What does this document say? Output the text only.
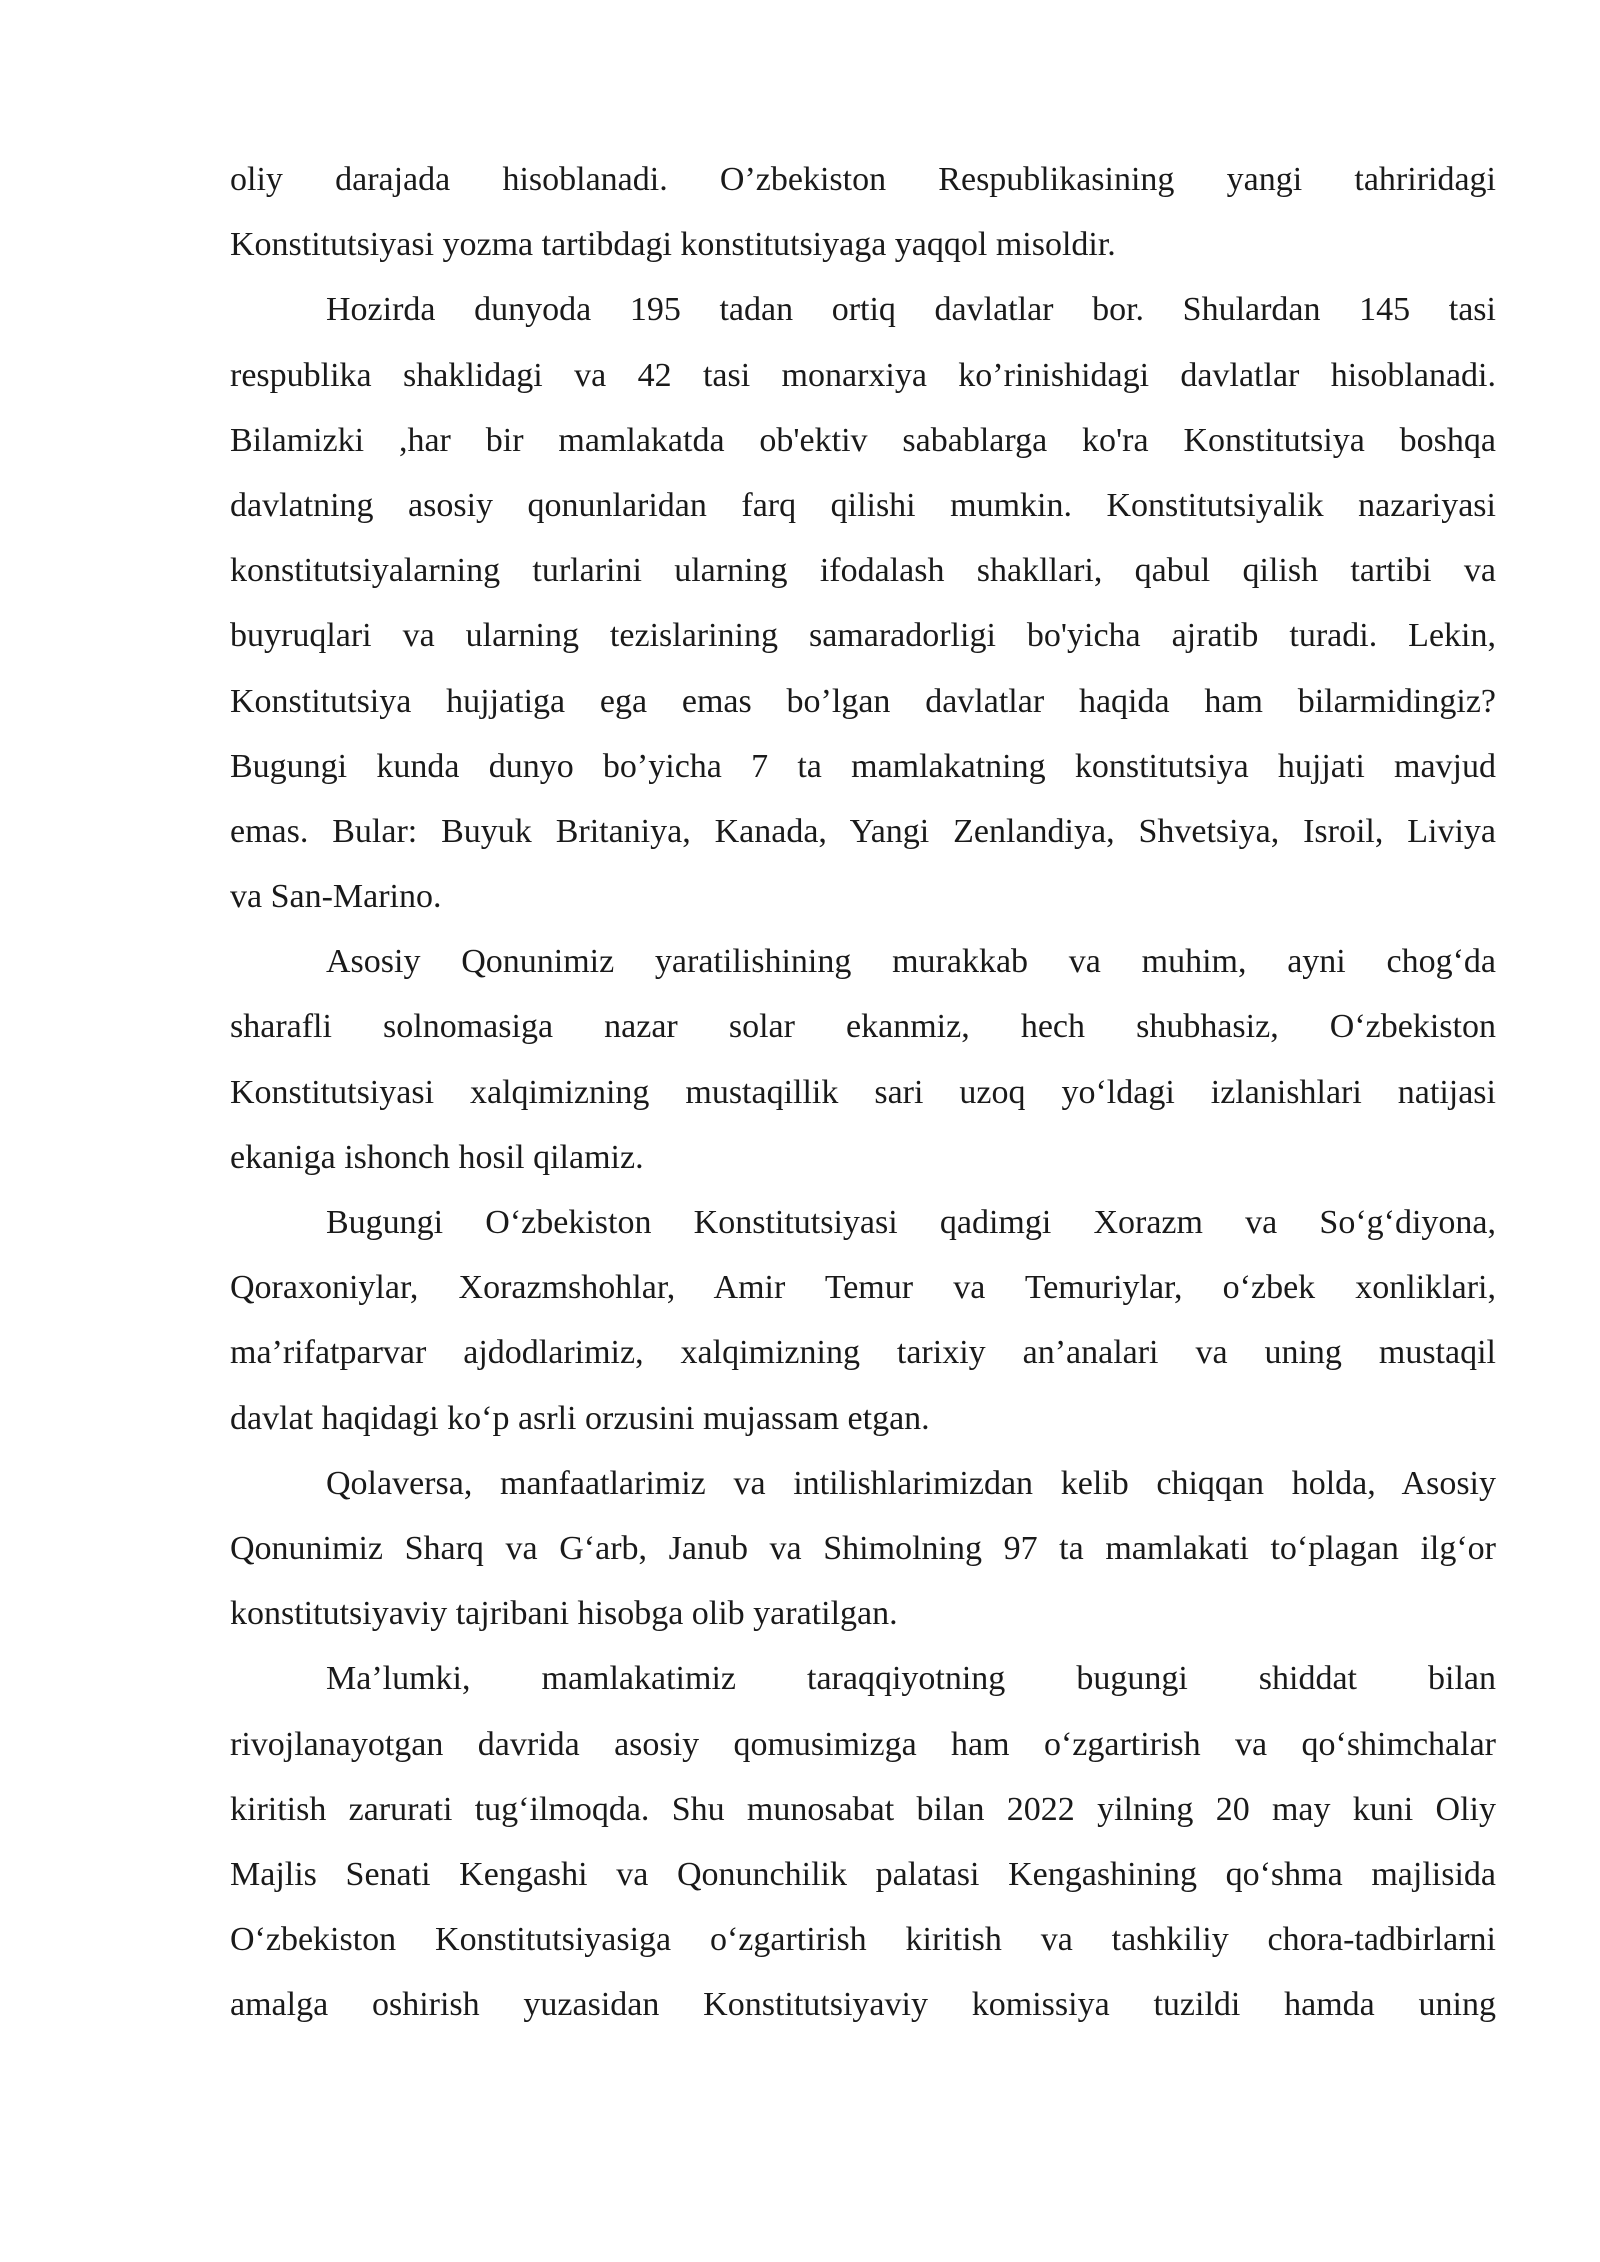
oliy darajada hisoblanadi. O’zbekiston Respublikasining yangi tahriridagi
Konstitutsiyasi yozma tartibdagi konstitutsiyaga yaqqol misoldir.
Hozirda dunyoda 195 tadan ortiq davlatlar bor. Shulardan 145 tasi
respublika shaklidagi va 42 tasi monarxiya ko’rinishidagi davlatlar hisoblanadi.
Bilamizki ,har bir mamlakatda ob'ektiv sabablarga ko'ra Konstitutsiya boshqa
davlatning asosiy qonunlaridan farq qilishi mumkin. Konstitutsiyalik nazariyasi
konstitutsiyalarning turlarini ularning ifodalash shakllari, qabul qilish tartibi va
buyruqlari va ularning tezislarining samaradorligi bo'yicha ajratib turadi. Lekin,
Konstitutsiya hujjatiga ega emas bo’lgan davlatlar haqida ham bilarmidingiz?
Bugungi kunda dunyo bo’yicha 7 ta mamlakatning konstitutsiya hujjati mavjud
emas. Bular: Buyuk Britaniya, Kanada, Yangi Zenlandiya, Shvetsiya, Isroil, Liviya
va San-Marino.
Asosiy Qonunimiz yaratilishining murakkab va muhim, ayni chog‘da
sharafli solnomasiga nazar solar ekanmiz, hech shubhasiz, O‘zbekiston
Konstitutsiyasi xalqimizning mustaqillik sari uzoq yo‘ldagi izlanishlari natijasi
ekaniga ishonch hosil qilamiz.
Bugungi O‘zbekiston Konstitutsiyasi qadimgi Xorazm va So‘g‘diyona,
Qoraxoniylar, Xorazmshohlar, Amir Temur va Temuriylar, o‘zbek xonliklari,
ma’rifatparvar ajdodlarimiz, xalqimizning tarixiy an’analari va uning mustaqil
davlat haqidagi ko‘p asrli orzusini mujassam etgan.
Qolaversa, manfaatlarimiz va intilishlarimizdan kelib chiqqan holda, Asosiy
Qonunimiz Sharq va G‘arb, Janub va Shimolning 97 ta mamlakati to‘plagan ilg‘or
konstitutsiyaviy tajribani hisobga olib yaratilgan.
Ma’lumki, mamlakatimiz taraqqiyotning bugungi shiddat bilan
rivojlanayotgan davrida asosiy qomusimizga ham o‘zgartirish va qo‘shimchalar
kiritish zarurati tug‘ilmoqda. Shu munosabat bilan 2022 yilning 20 may kuni Oliy
Majlis Senati Kengashi va Qonunchilik palatasi Kengashining qo‘shma majlisida
O‘zbekiston Konstitutsiyasiga o‘zgartirish kiritish va tashkiliy chora-tadbirlarni
amalga oshirish yuzasidan Konstitutsiyaviy komissiya tuzildi hamda uning
